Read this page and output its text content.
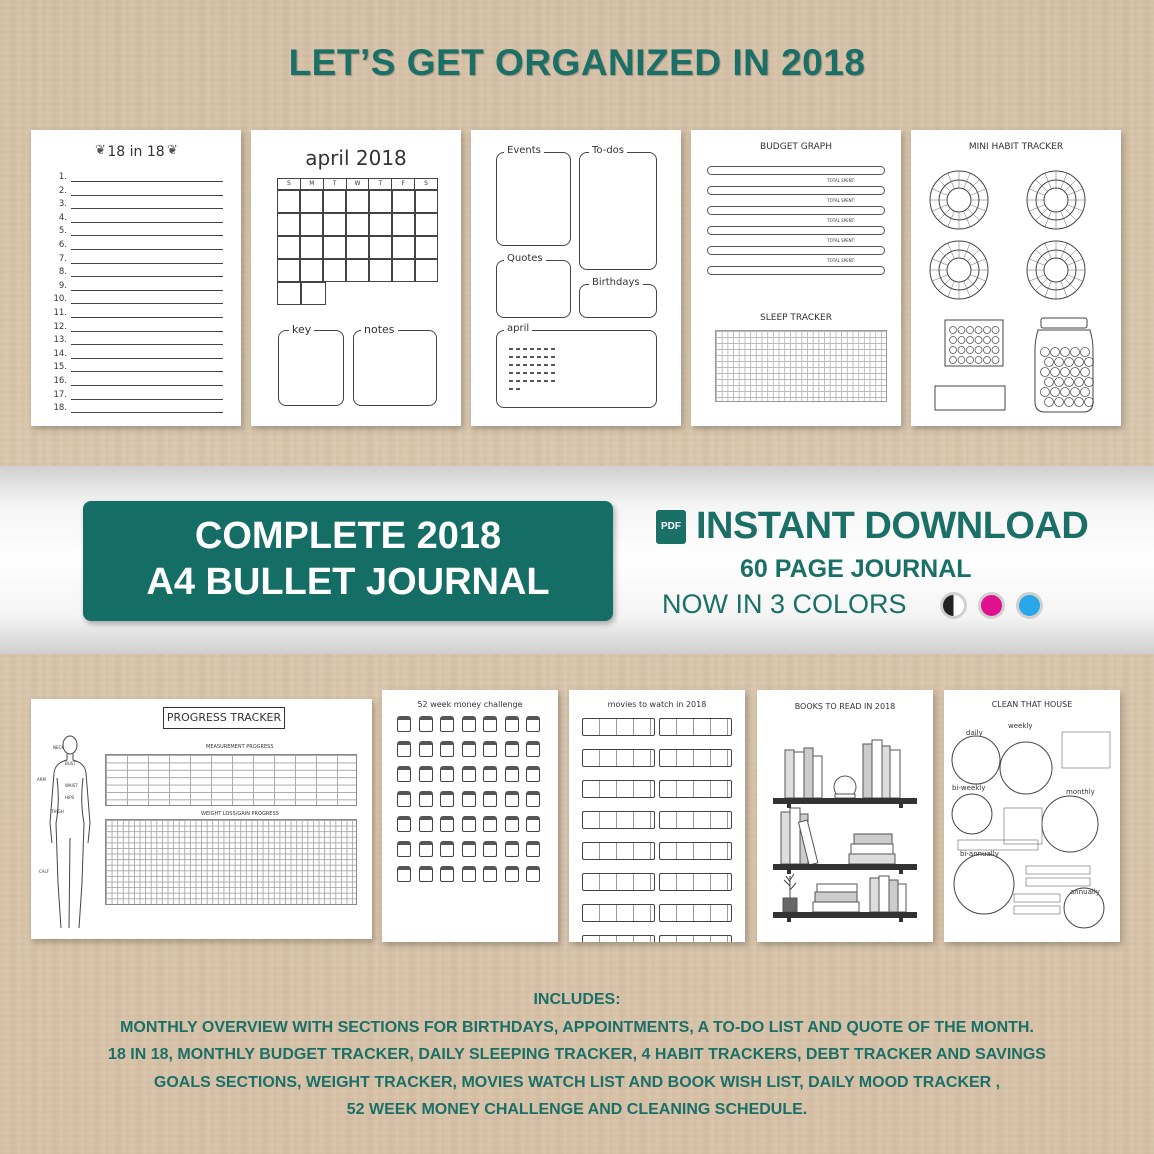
LET’S GET ORGANIZED IN 2018
18 in 18
❦	❦
1.
2.
3.
4.
5.
6.
7.
8.
9.
10.
11.
12.
13.
14.
15.
16.
17.
18.
april 2018
S	M	T	W	T	F	S
key	notes
Events	To-dos
Quotes
Birthdays
april
BUDGET GRAPH
TOTAL SPENT:
TOTAL SPENT:
TOTAL SPENT:
TOTAL SPENT:
TOTAL SPENT:
SLEEP TRACKER
MINI HABIT TRACKER
COMPLETE 2018
A4 BULLET JOURNAL
PDF INSTANT DOWNLOAD
60 PAGE JOURNAL
NOW IN 3 COLORS
PROGRESS TRACKER
MEASUREMENT PROGRESS
WEIGHT LOSS/GAIN PROGRESS
NECK
BUST
ARM
WAIST
HIPS
THIGH
CALF
52 week money challenge	movies to watch in 2018	BOOKS TO READ IN 2018	CLEAN THAT HOUSE
daily
weekly
bi-weekly	monthly
bi-annually
annually
INCLUDES:
MONTHLY OVERVIEW WITH SECTIONS FOR BIRTHDAYS, APPOINTMENTS, A TO-DO LIST AND QUOTE OF THE MONTH.
18 IN 18, MONTHLY BUDGET TRACKER, DAILY SLEEPING TRACKER, 4 HABIT TRACKERS, DEBT TRACKER AND SAVINGS
GOALS SECTIONS, WEIGHT TRACKER, MOVIES WATCH LIST AND BOOK WISH LIST, DAILY MOOD TRACKER ,
52 WEEK MONEY CHALLENGE AND CLEANING SCHEDULE.
